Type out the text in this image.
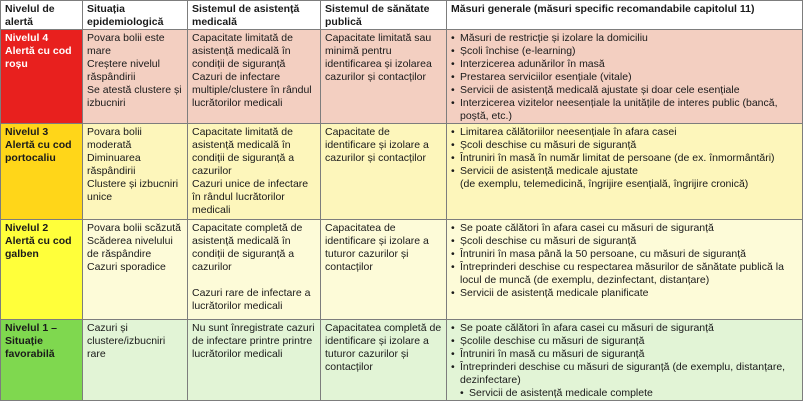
Nivelul de alertă
Situația epidemiologică
Sistemul de asistență medicală
Sistemul de sănătate publică
Măsuri generale (măsuri specific recomandabile capitolul 11)
Nivelul 4
Alertă cu cod roșu
Povara bolii este mare
Creștere nivelul răspândirii
Se atestă clustere și izbucniri
Capacitate limitată de asistență medicală în condiții de siguranță
Cazuri de infectare multiple/clustere în rândul lucrătorilor medicali
Capacitate limitată sau minimă pentru identificarea și izolarea cazurilor și contacților
• Măsuri de restricție și izolare la domiciliu
• Școli închise (e-learning)
• Interzicerea adunărilor în masă
• Prestarea serviciilor esențiale (vitale)
• Servicii de asistență medicală ajustate și doar cele esențiale
• Interzicerea vizitelor neesențiale la unitățile de interes public (bancă, poștă, etc.)
Nivelul 3
Alertă cu cod portocaliu
Povara bolii moderată
Diminuarea răspândirii
Clustere și izbucniri unice
Capacitate limitată de asistență medicală în condiții de siguranță a cazurilor
Cazuri unice de infectare în rândul lucrătorilor medicali
Capacitate de identificare și izolare a cazurilor și contacților
• Limitarea călătoriilor neesențiale în afara casei
• Școli deschise cu măsuri de siguranță
• Întruniri în masă în număr limitat de persoane (de ex. înmormântări)
• Servicii de asistență medicale ajustate
(de exemplu, telemedicină, îngrijire esențială, îngrijire cronică)
Nivelul 2
Alertă cu cod galben
Povara bolii scăzută
Scăderea nivelului de răspândire
Cazuri sporadice
Capacitate completă de asistență medicală în condiții de siguranță a cazurilor
Cazuri rare de infectare a lucrătorilor medicali
Capacitatea de identificare și izolare a tuturor cazurilor și contacților
• Se poate călători în afara casei cu măsuri de siguranță
• Școli deschise cu măsuri de siguranță
• Întruniri în masa până la 50 persoane, cu măsuri de siguranță
• Întreprinderi deschise cu respectarea măsurilor de sănătate publică la locul de muncă (de exemplu, dezinfectant, distanțare)
• Servicii de asistență medicale planificate
Nivelul 1 – Situație favorabilă
Cazuri și clustere/izbucniri rare
Nu sunt înregistrate cazuri de infectare printre printre lucrătorilor medicali
Capacitatea completă de identificare și izolare a tuturor cazurilor și contacților
• Se poate călători în afara casei cu măsuri de siguranță
• Școlile deschise cu măsuri de siguranță
• Întruniri în masă cu măsuri de siguranță
• Întreprinderi deschise cu măsuri de siguranță (de exemplu, distanțare, dezinfectare)
• Servicii de asistență medicale complete
